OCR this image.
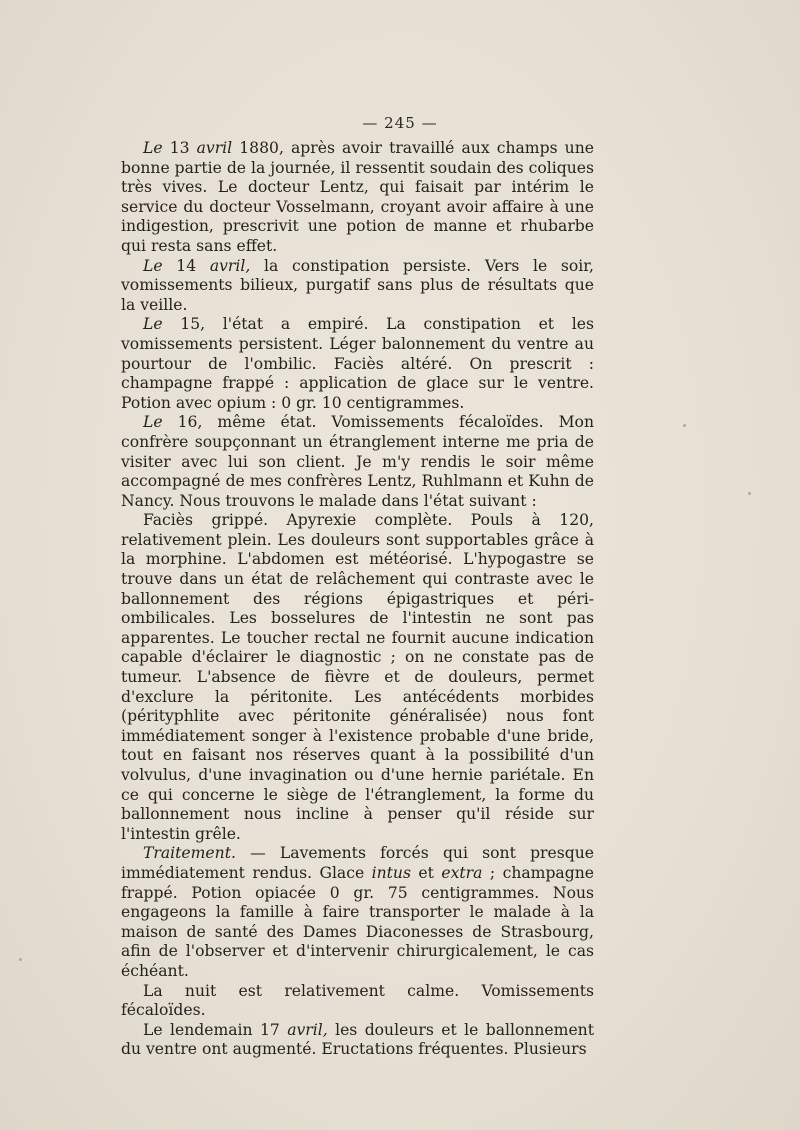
— 245 —

Le 13 avril 1880, après avoir travaillé aux champs une bonne partie de la journée, il ressentit soudain des coliques très vives. Le docteur Lentz, qui faisait par intérim le service du docteur Vosselmann, croyant avoir affaire à une indigestion, prescrivit une potion de manne et rhubarbe qui resta sans effet.

Le 14 avril, la constipation persiste. Vers le soir, vomissements bilieux, purgatif sans plus de résultats que la veille.

Le 15, l'état a empiré. La constipation et les vomissements persistent. Léger balonnement du ventre au pourtour de l'ombilic. Faciès altéré. On prescrit : champagne frappé : application de glace sur le ventre. Potion avec opium : 0 gr. 10 centigrammes.

Le 16, même état. Vomissements fécaloïdes. Mon confrère soupçonnant un étranglement interne me pria de visiter avec lui son client. Je m'y rendis le soir même accompagné de mes confrères Lentz, Ruhlmann et Kuhn de Nancy. Nous trouvons le malade dans l'état suivant :

Faciès grippé. Apyrexie complète. Pouls à 120, relativement plein. Les douleurs sont supportables grâce à la morphine. L'abdomen est météorisé. L'hypogastre se trouve dans un état de relâchement qui contraste avec le ballonnement des régions épigastriques et péri-ombilicales. Les bosselures de l'intestin ne sont pas apparentes. Le toucher rectal ne fournit aucune indication capable d'éclairer le diagnostic ; on ne constate pas de tumeur. L'absence de fièvre et de douleurs, permet d'exclure la péritonite. Les antécédents morbides (pérityphlite avec péritonite généralisée) nous font immédiatement songer à l'existence probable d'une bride, tout en faisant nos réserves quant à la possibilité d'un volvulus, d'une invagination ou d'une hernie pariétale. En ce qui concerne le siège de l'étranglement, la forme du ballonnement nous incline à penser qu'il réside sur l'intestin grêle.

Traitement. — Lavements forcés qui sont presque immédiatement rendus. Glace intus et extra ; champagne frappé. Potion opiacée 0 gr. 75 centigrammes. Nous engageons la famille à faire transporter le malade à la maison de santé des Dames Diaconesses de Strasbourg, afin de l'observer et d'intervenir chirurgicalement, le cas échéant.

La nuit est relativement calme. Vomissements fécaloïdes.

Le lendemain 17 avril, les douleurs et le ballonnement du ventre ont augmenté. Eructations fréquentes. Plusieurs
